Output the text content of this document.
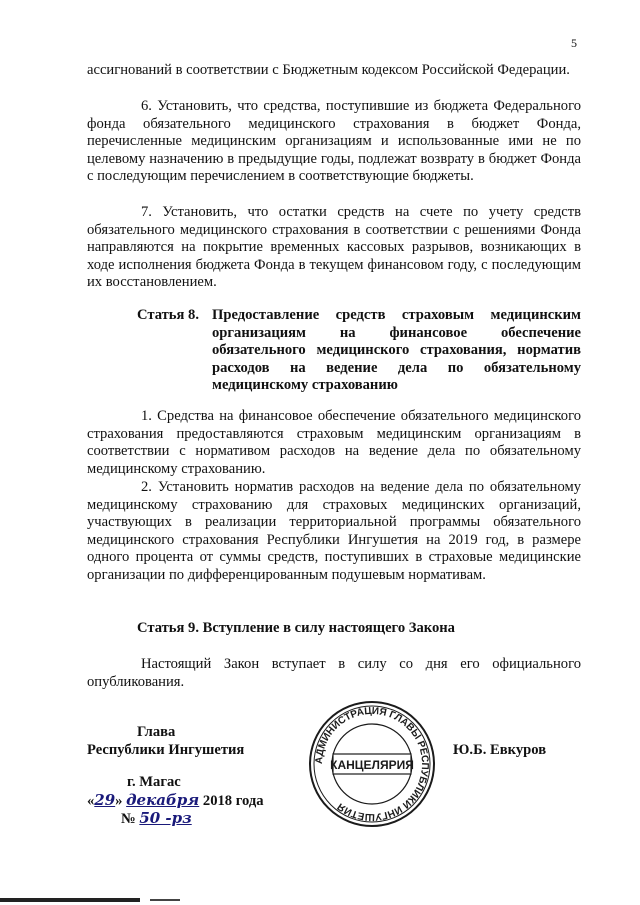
5
ассигнований в соответствии с Бюджетным кодексом Российской Федерации.
6. Установить, что средства, поступившие из бюджета Федерального фонда обязательного медицинского страхования в бюджет Фонда, перечисленные медицинским организациям и использованные ими не по целевому назначению в предыдущие годы, подлежат возврату в бюджет Фонда с последующим перечислением в соответствующие бюджеты.
7. Установить, что остатки средств на счете по учету средств обязательного медицинского страхования в соответствии с решениями Фонда направляются на покрытие временных кассовых разрывов, возникающих в ходе исполнения бюджета Фонда в текущем финансовом году, с последующим их восстановлением.
Статья 8. Предоставление средств страховым медицинским организациям на финансовое обеспечение обязательного медицинского страхования, норматив расходов на ведение дела по обязательному медицинскому страхованию
1. Средства на финансовое обеспечение обязательного медицинского страхования предоставляются страховым медицинским организациям в соответствии с нормативом расходов на ведение дела по обязательному медицинскому страхованию.
2. Установить норматив расходов на ведение дела по обязательному медицинскому страхованию для страховых медицинских организаций, участвующих в реализации территориальной программы обязательного медицинского страхования Республики Ингушетия на 2019 год, в размере одного процента от суммы средств, поступивших в страховые медицинские организации по дифференцированным подушевым нормативам.
Статья 9. Вступление в силу настоящего Закона
Настоящий Закон вступает в силу со дня его официального опубликования.
Глава
Республики Ингушетия	Ю.Б. Евкуров
г. Магас
«29» декабря 2018 года
№ 50 -рз
АДМИНИСТРАЦИЯ ГЛАВЫ РЕСПУБЛИКИ ИНГУШЕТИЯ
КАНЦЕЛЯРИЯ
